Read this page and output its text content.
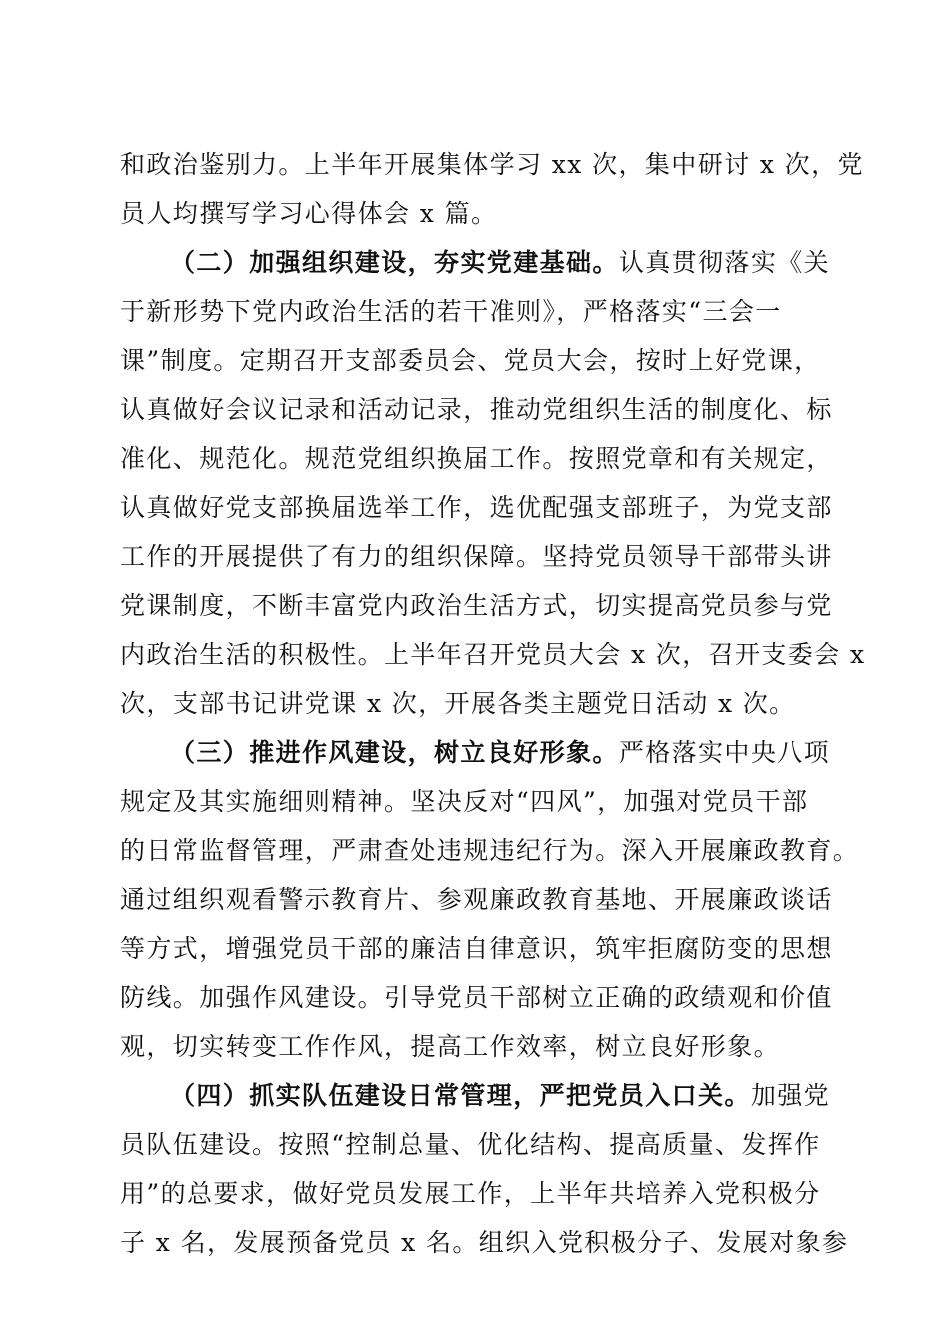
和政治鉴别力。上半年开展集体学习 xx 次，集中研讨 x 次，党
员人均撰写学习心得体会 x 篇。
（二）加强组织建设，夯实党建基础。认真贯彻落实《关
于新形势下党内政治生活的若干准则》，严格落实“三会一
课”制度。定期召开支部委员会、党员大会，按时上好党课，
认真做好会议记录和活动记录，推动党组织生活的制度化、标
准化、规范化。规范党组织换届工作。按照党章和有关规定，
认真做好党支部换届选举工作，选优配强支部班子，为党支部
工作的开展提供了有力的组织保障。坚持党员领导干部带头讲
党课制度，不断丰富党内政治生活方式，切实提高党员参与党
内政治生活的积极性。上半年召开党员大会 x 次，召开支委会 x
次，支部书记讲党课 x 次，开展各类主题党日活动 x 次。
（三）推进作风建设，树立良好形象。严格落实中央八项
规定及其实施细则精神。坚决反对“四风”，加强对党员干部
的日常监督管理，严肃查处违规违纪行为。深入开展廉政教育。
通过组织观看警示教育片、参观廉政教育基地、开展廉政谈话
等方式，增强党员干部的廉洁自律意识，筑牢拒腐防变的思想
防线。加强作风建设。引导党员干部树立正确的政绩观和价值
观，切实转变工作作风，提高工作效率，树立良好形象。
（四）抓实队伍建设日常管理，严把党员入口关。加强党
员队伍建设。按照“控制总量、优化结构、提高质量、发挥作
用”的总要求，做好党员发展工作，上半年共培养入党积极分
子 x 名，发展预备党员 x 名。组织入党积极分子、发展对象参
